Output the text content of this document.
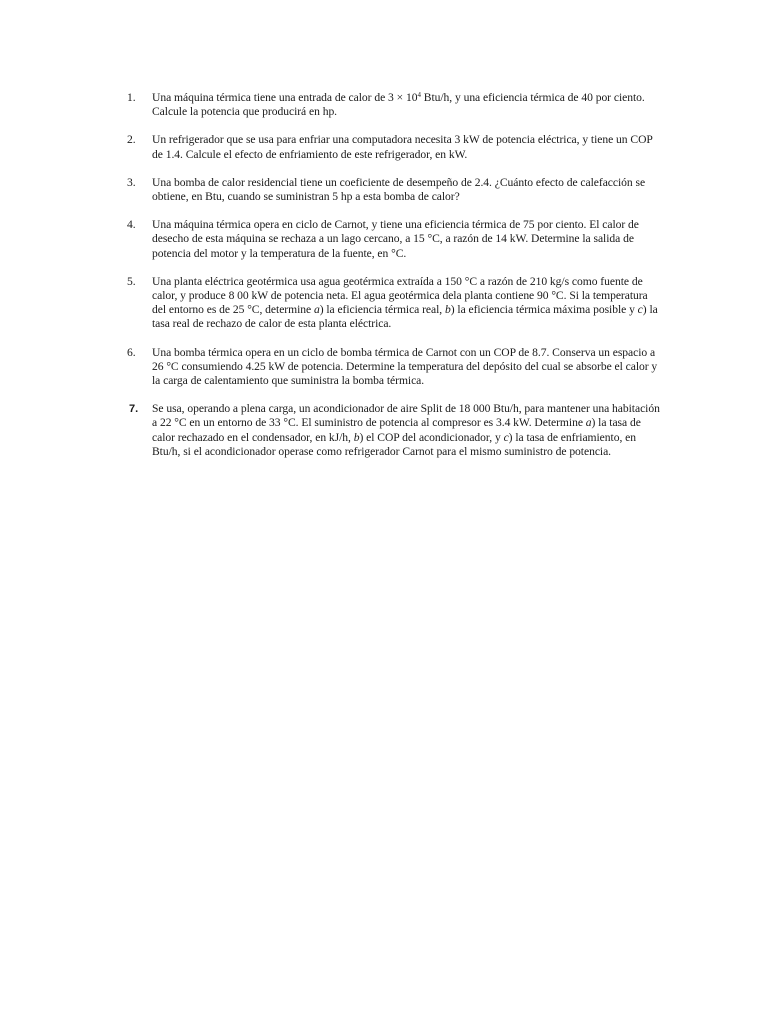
1. Una máquina térmica tiene una entrada de calor de $3 \times 10^4$ Btu/h, y una eficiencia térmica de 40 por ciento. Calcule la potencia que producirá en hp.
2. Un refrigerador que se usa para enfriar una computadora necesita 3 kW de potencia eléctrica, y tiene un COP de 1.4. Calcule el efecto de enfriamiento de este refrigerador, en kW.
3. Una bomba de calor residencial tiene un coeficiente de desempeño de 2.4. ¿Cuánto efecto de calefacción se obtiene, en Btu, cuando se suministran 5 hp a esta bomba de calor?
4. Una máquina térmica opera en ciclo de Carnot, y tiene una eficiencia térmica de 75 por ciento. El calor de desecho de esta máquina se rechaza a un lago cercano, a 15 °C, a razón de 14 kW. Determine la salida de potencia del motor y la temperatura de la fuente, en °C.
5. Una planta eléctrica geotérmica usa agua geotérmica extraída a 150 °C a razón de 210 kg/s como fuente de calor, y produce 8 00 kW de potencia neta. El agua geotérmica dela planta contiene 90 °C. Si la temperatura del entorno es de 25 °C, determine a) la eficiencia térmica real, b) la eficiencia térmica máxima posible y c) la tasa real de rechazo de calor de esta planta eléctrica.
6. Una bomba térmica opera en un ciclo de bomba térmica de Carnot con un COP de 8.7. Conserva un espacio a 26 °C consumiendo 4.25 kW de potencia. Determine la temperatura del depósito del cual se absorbe el calor y la carga de calentamiento que suministra la bomba térmica.
7. Se usa, operando a plena carga, un acondicionador de aire Split de 18 000 Btu/h, para mantener una habitación a 22 °C en un entorno de 33 °C. El suministro de potencia al compresor es 3.4 kW. Determine a) la tasa de calor rechazado en el condensador, en kJ/h, b) el COP del acondicionador, y c) la tasa de enfriamiento, en Btu/h, si el acondicionador operase como refrigerador Carnot para el mismo suministro de potencia.
